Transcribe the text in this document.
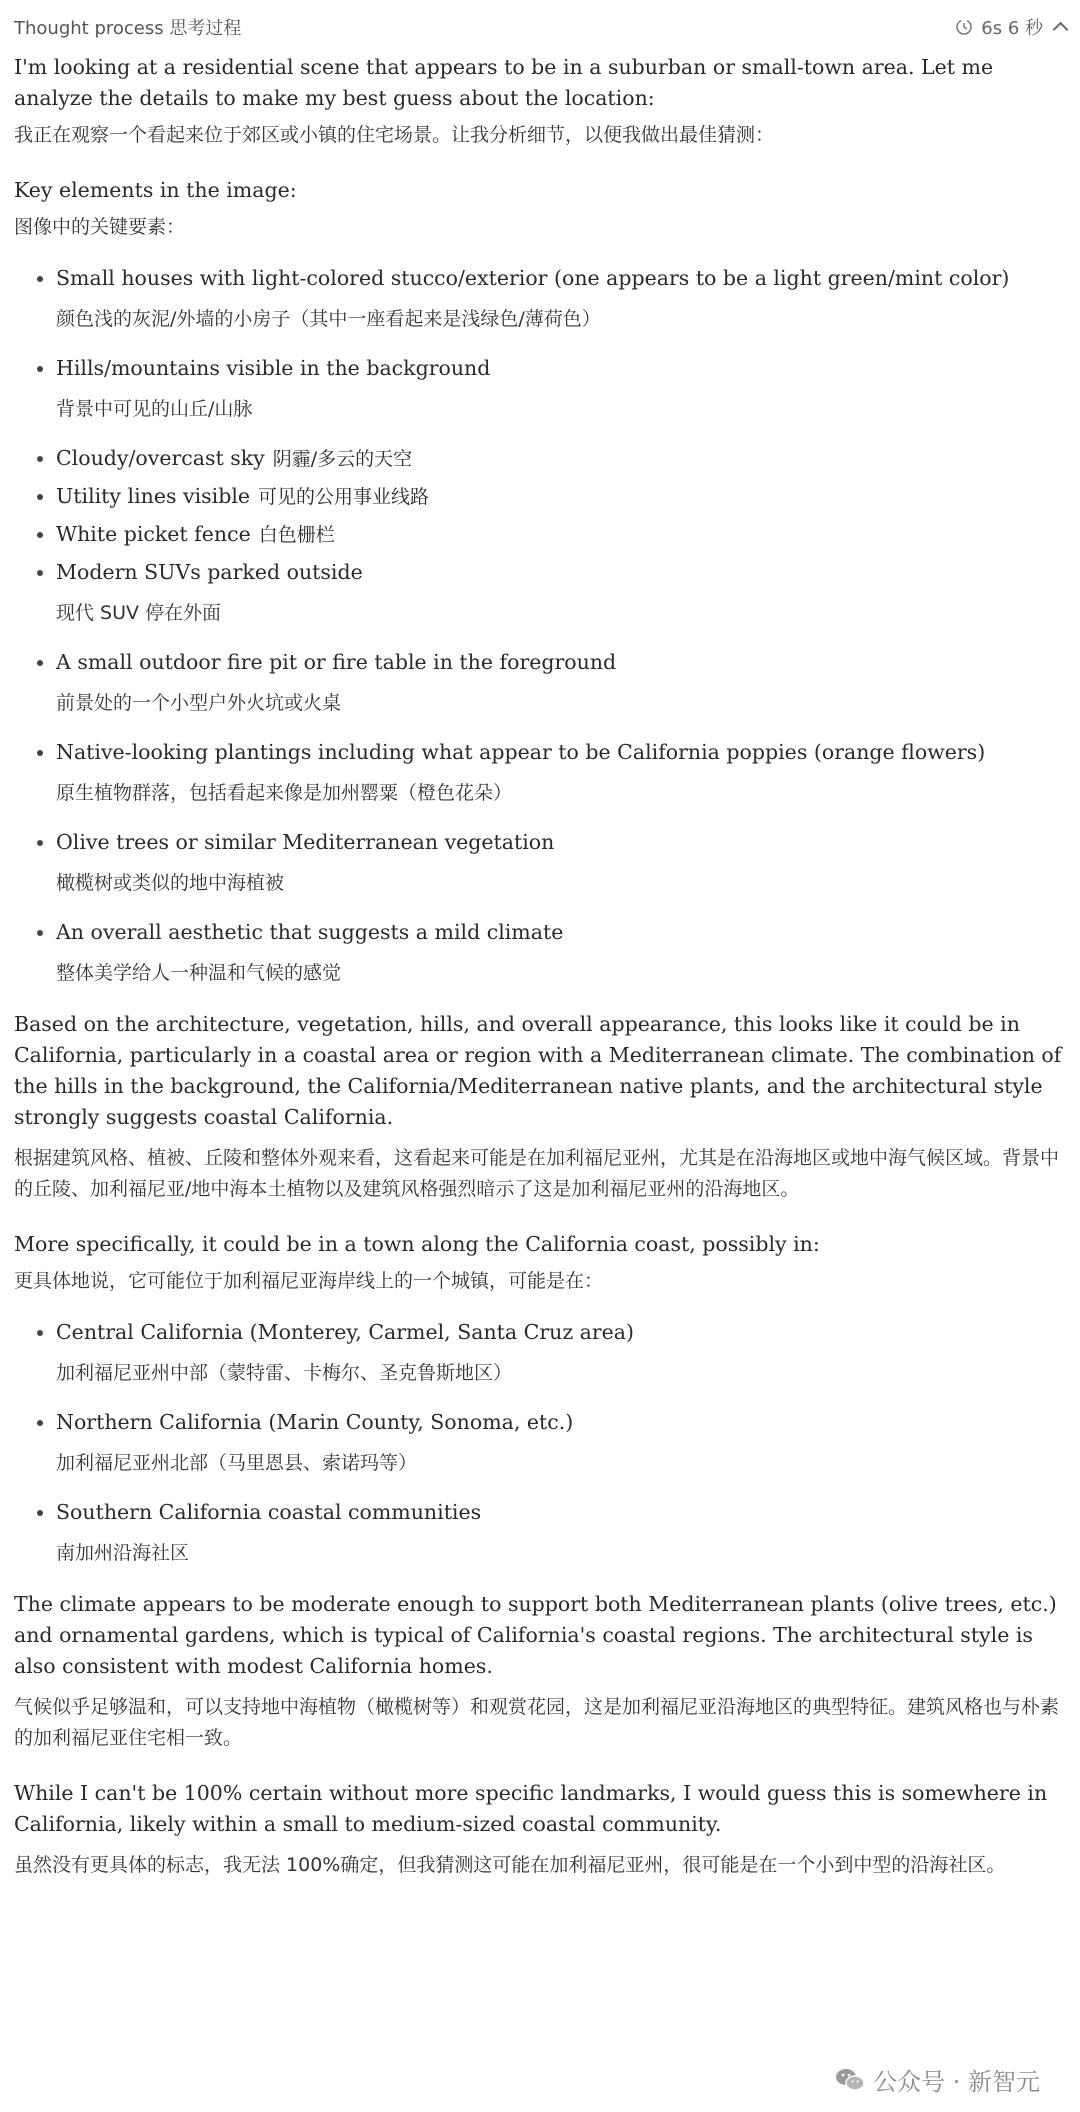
Thought process 思考过程	6s 6 秒

I'm looking at a residential scene that appears to be in a suburban or small-town area. Let me analyze the details to make my best guess about the location:

我正在观察一个看起来位于郊区或小镇的住宅场景。让我分析细节，以便我做出最佳猜测：

Key elements in the image:

图像中的关键要素：

Small houses with light-colored stucco/exterior (one appears to be a light green/mint color)

颜色浅的灰泥/外墙的小房子（其中一座看起来是浅绿色/薄荷色）

Hills/mountains visible in the background

背景中可见的山丘/山脉

Cloudy/overcast sky 阴霾/多云的天空

Utility lines visible 可见的公用事业线路

White picket fence 白色栅栏

Modern SUVs parked outside

现代 SUV 停在外面

A small outdoor fire pit or fire table in the foreground

前景处的一个小型户外火坑或火桌

Native-looking plantings including what appear to be California poppies (orange flowers)

原生植物群落，包括看起来像是加州罂粟（橙色花朵）

Olive trees or similar Mediterranean vegetation

橄榄树或类似的地中海植被

An overall aesthetic that suggests a mild climate

整体美学给人一种温和气候的感觉

Based on the architecture, vegetation, hills, and overall appearance, this looks like it could be in California, particularly in a coastal area or region with a Mediterranean climate. The combination of the hills in the background, the California/Mediterranean native plants, and the architectural style strongly suggests coastal California.

根据建筑风格、植被、丘陵和整体外观来看，这看起来可能是在加利福尼亚州，尤其是在沿海地区或地中海气候区域。背景中的丘陵、加利福尼亚/地中海本土植物以及建筑风格强烈暗示了这是加利福尼亚州的沿海地区。

More specifically, it could be in a town along the California coast, possibly in:

更具体地说，它可能位于加利福尼亚海岸线上的一个城镇，可能是在：

Central California (Monterey, Carmel, Santa Cruz area)

加利福尼亚州中部（蒙特雷、卡梅尔、圣克鲁斯地区）

Northern California (Marin County, Sonoma, etc.)

加利福尼亚州北部（马里恩县、索诺玛等）

Southern California coastal communities

南加州沿海社区

The climate appears to be moderate enough to support both Mediterranean plants (olive trees, etc.) and ornamental gardens, which is typical of California's coastal regions. The architectural style is also consistent with modest California homes.

气候似乎足够温和，可以支持地中海植物（橄榄树等）和观赏花园，这是加利福尼亚沿海地区的典型特征。建筑风格也与朴素的加利福尼亚住宅相一致。

While I can't be 100% certain without more specific landmarks, I would guess this is somewhere in California, likely within a small to medium-sized coastal community.

虽然没有更具体的标志，我无法 100%确定，但我猜测这可能在加利福尼亚州，很可能是在一个小到中型的沿海社区。

公众号 · 新智元
